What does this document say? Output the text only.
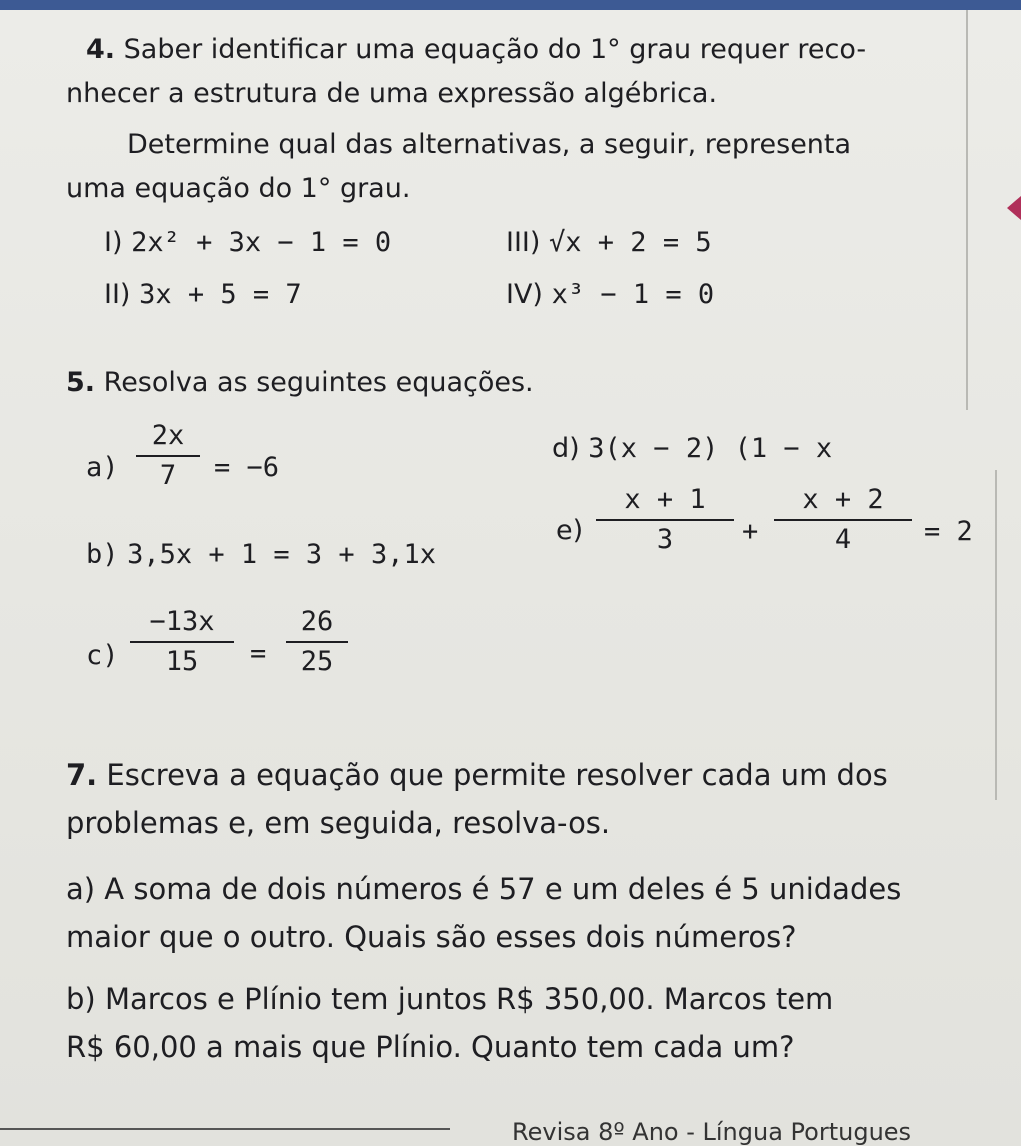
4. Saber identificar uma equação do 1° grau requer reco-
nhecer a estrutura de uma expressão algébrica.
Determine qual das alternativas, a seguir, representa
uma equação do 1° grau.
I) 2x² + 3x − 1 = 0	III) √x + 2 = 5
II) 3x + 5 = 7	IV) x³ − 1 = 0
5. Resolva as seguintes equações.
a)
2x
7	= −6
d) 3(x − 2) (1 − x
e)
x + 1
3	+
x + 2
4	= 2
b) 3,5x + 1 = 3 + 3,1x
c)
−13x
15	=
26
25
7. Escreva a equação que permite resolver cada um dos
problemas e, em seguida, resolva-os.
a) A soma de dois números é 57 e um deles é 5 unidades
maior que o outro. Quais são esses dois números?
b) Marcos e Plínio tem juntos R$ 350,00. Marcos tem
R$ 60,00 a mais que Plínio. Quanto tem cada um?
Revisa 8º Ano - Língua Portugues
